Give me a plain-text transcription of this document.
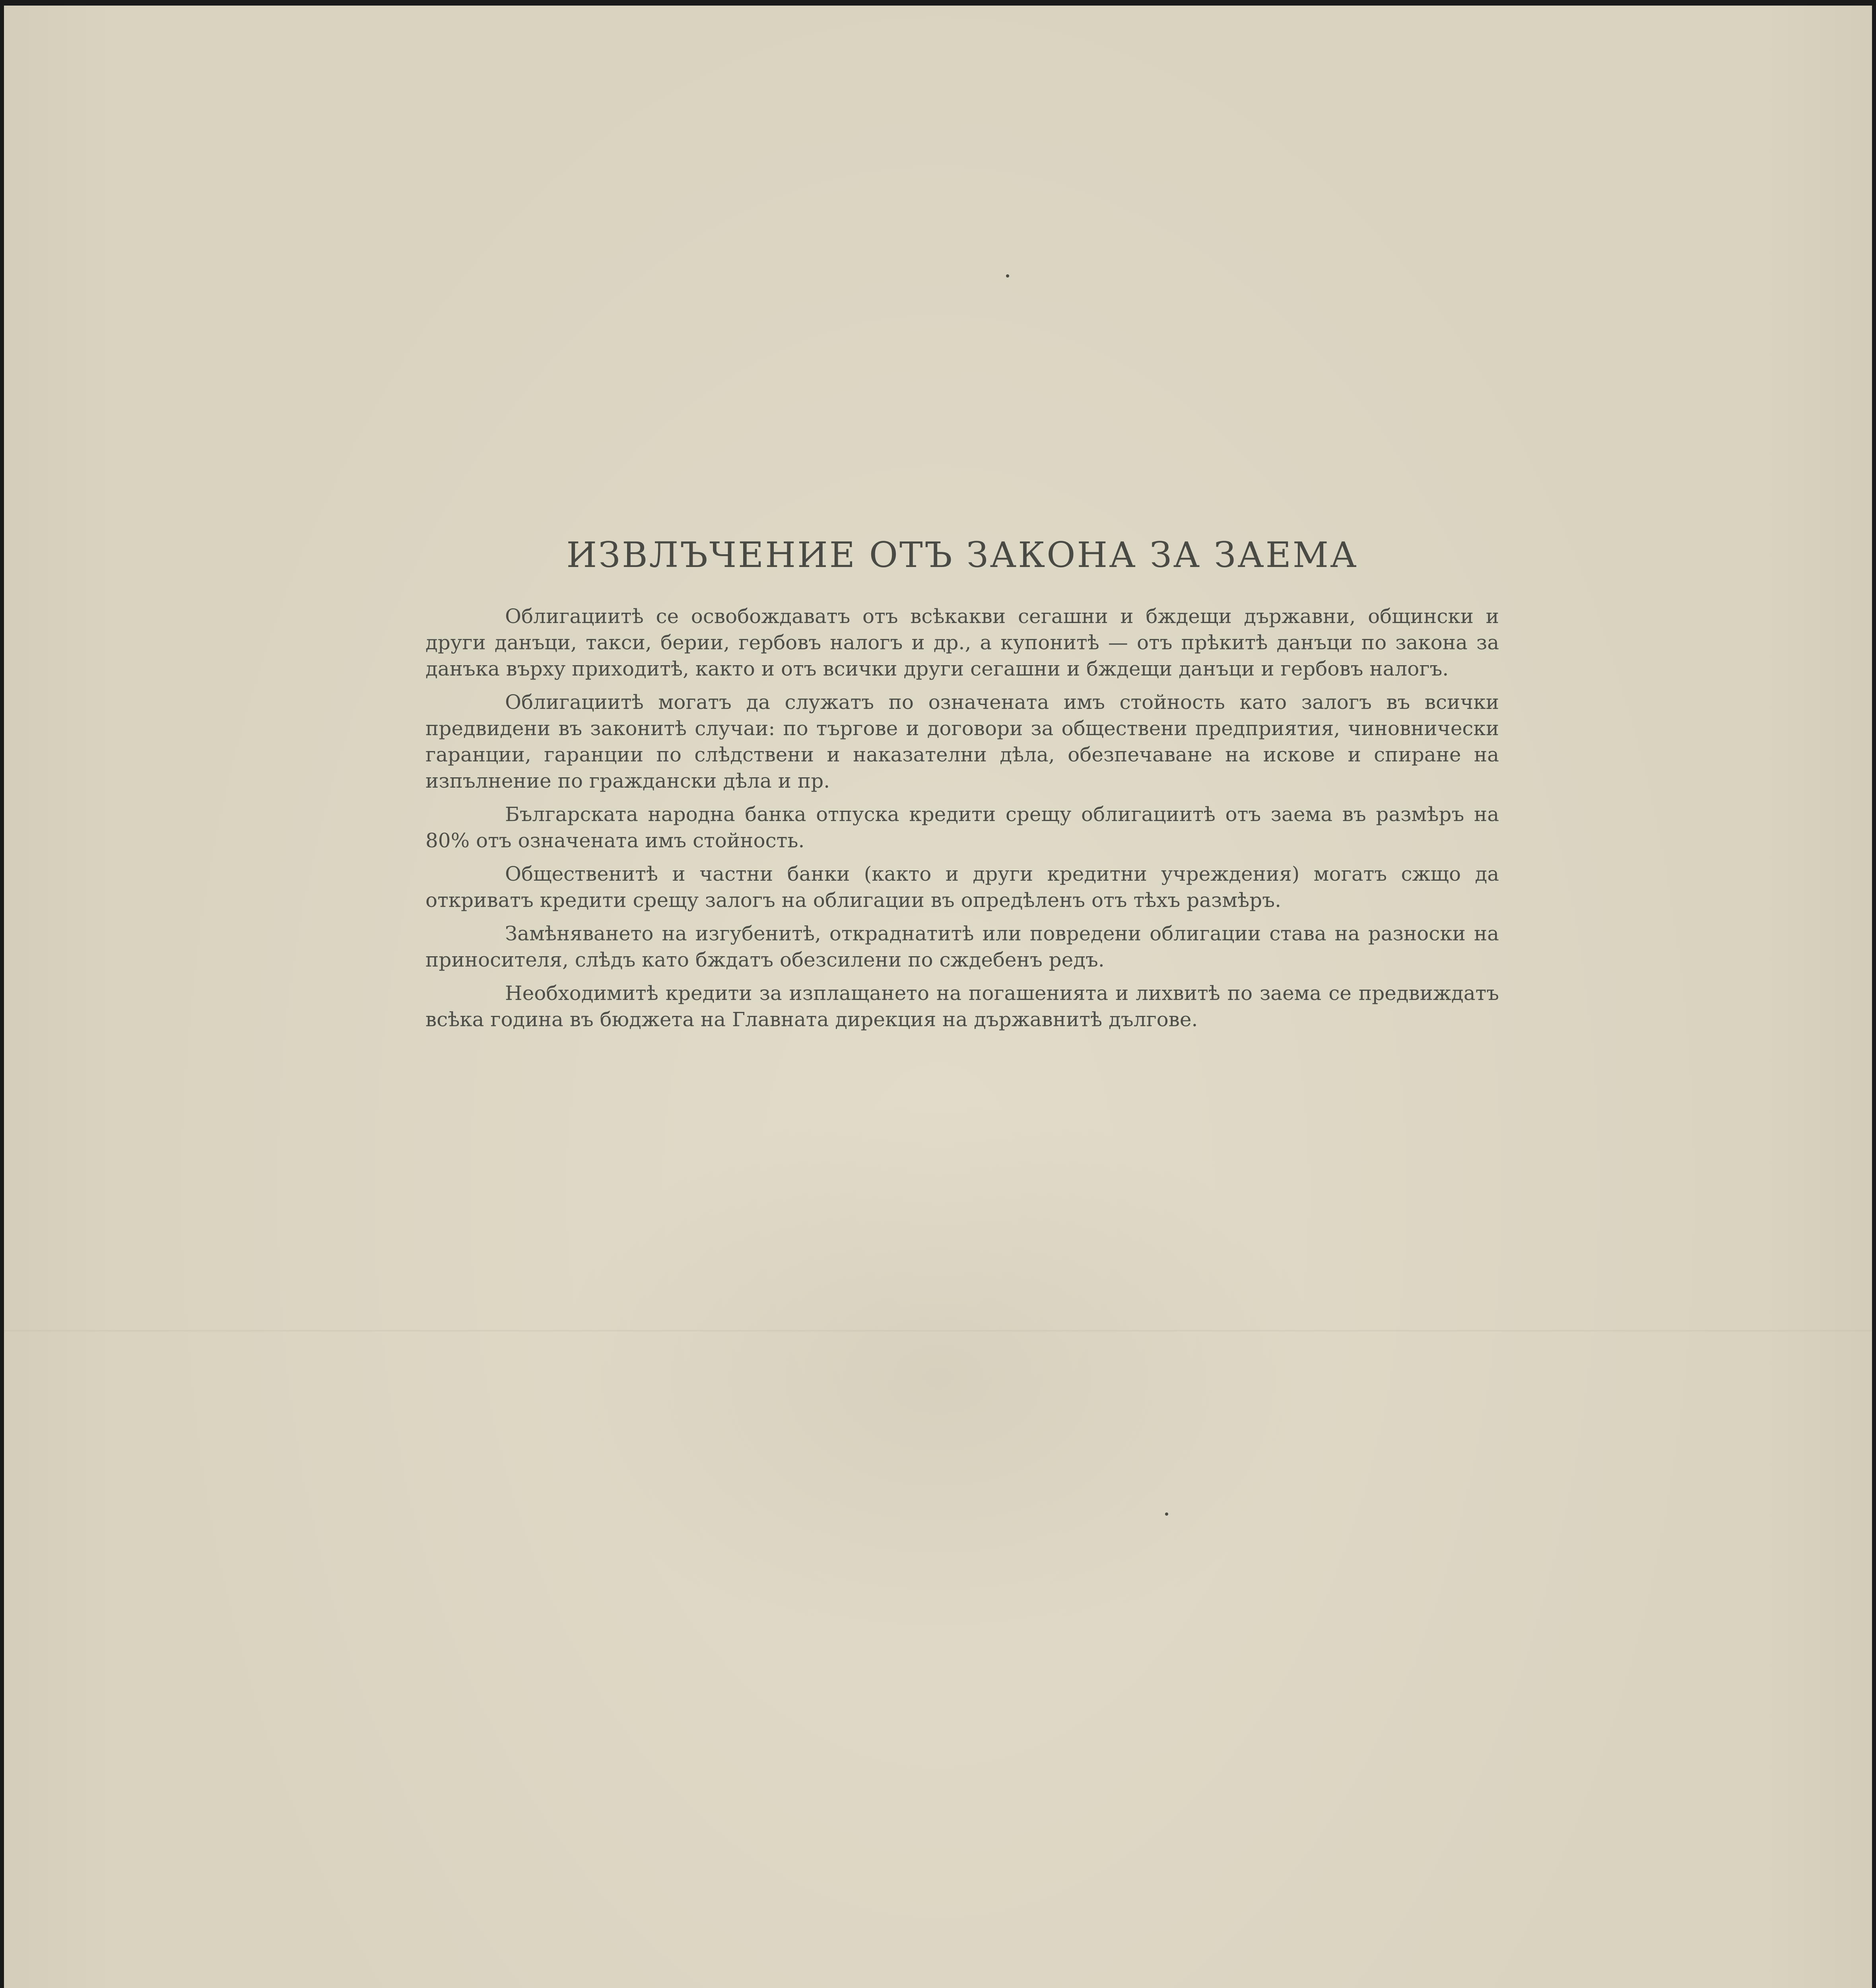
ИЗВЛЪЧЕНИЕ ОТЪ ЗАКОНА ЗА ЗАЕМА

Облигациитѣ се освобождаватъ отъ всѣкакви сегашни и бждещи държавни, общински и други данъци, такси, берии, гербовъ налогъ и др., а купонитѣ — отъ прѣкитѣ данъци по закона за данъка върху приходитѣ, както и отъ всички други сегашни и бждещи данъци и гербовъ налогъ.

Облигациитѣ могатъ да служатъ по означената имъ стойность като залогъ въ всички предвидени въ законитѣ случаи: по търгове и договори за обществени предприятия, чиновнически гаранции, гаранции по слѣдствени и наказателни дѣла, обезпечаване на искове и спиране на изпълнение по граждански дѣла и пр.

Българската народна банка отпуска кредити срещу облигациитѣ отъ заема въ размѣръ на 80% отъ означената имъ стойность.

Общественитѣ и частни банки (както и други кредитни учреждения) могатъ сжщо да откриватъ кредити срещу залогъ на облигации въ опредѣленъ отъ тѣхъ размѣръ.

Замѣняването на изгубенитѣ, откраднатитѣ или повредени облигации става на разноски на приносителя, слѣдъ като бждатъ обезсилени по сждебенъ редъ.

Необходимитѣ кредити за изплащането на погашенията и лихвитѣ по заема се предвиждатъ всѣка година въ бюджета на Главната дирекция на държавнитѣ дългове.
